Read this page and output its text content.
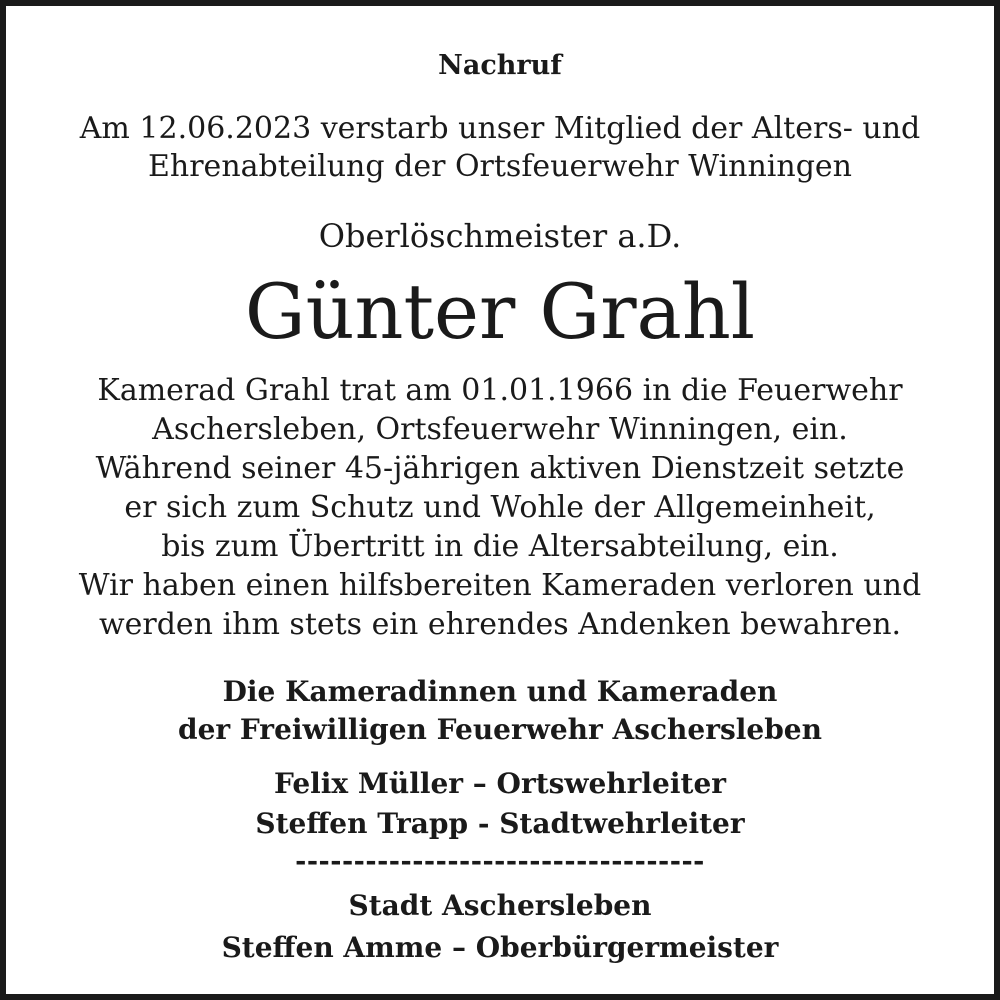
Nachruf
Am 12.06.2023 verstarb unser Mitglied der Alters- und
Ehrenabteilung der Ortsfeuerwehr Winningen
Oberlöschmeister a.D.
Günter Grahl
Kamerad Grahl trat am 01.01.1966 in die Feuerwehr
Aschersleben, Ortsfeuerwehr Winningen, ein.
Während seiner 45-jährigen aktiven Dienstzeit setzte
er sich zum Schutz und Wohle der Allgemeinheit,
bis zum Übertritt in die Altersabteilung, ein.
Wir haben einen hilfsbereiten Kameraden verloren und
werden ihm stets ein ehrendes Andenken bewahren.
Die Kameradinnen und Kameraden
der Freiwilligen Feuerwehr Aschersleben
Felix Müller – Ortswehrleiter
Steffen Trapp - Stadtwehrleiter
-----------------------------------
Stadt Aschersleben
Steffen Amme – Oberbürgermeister
